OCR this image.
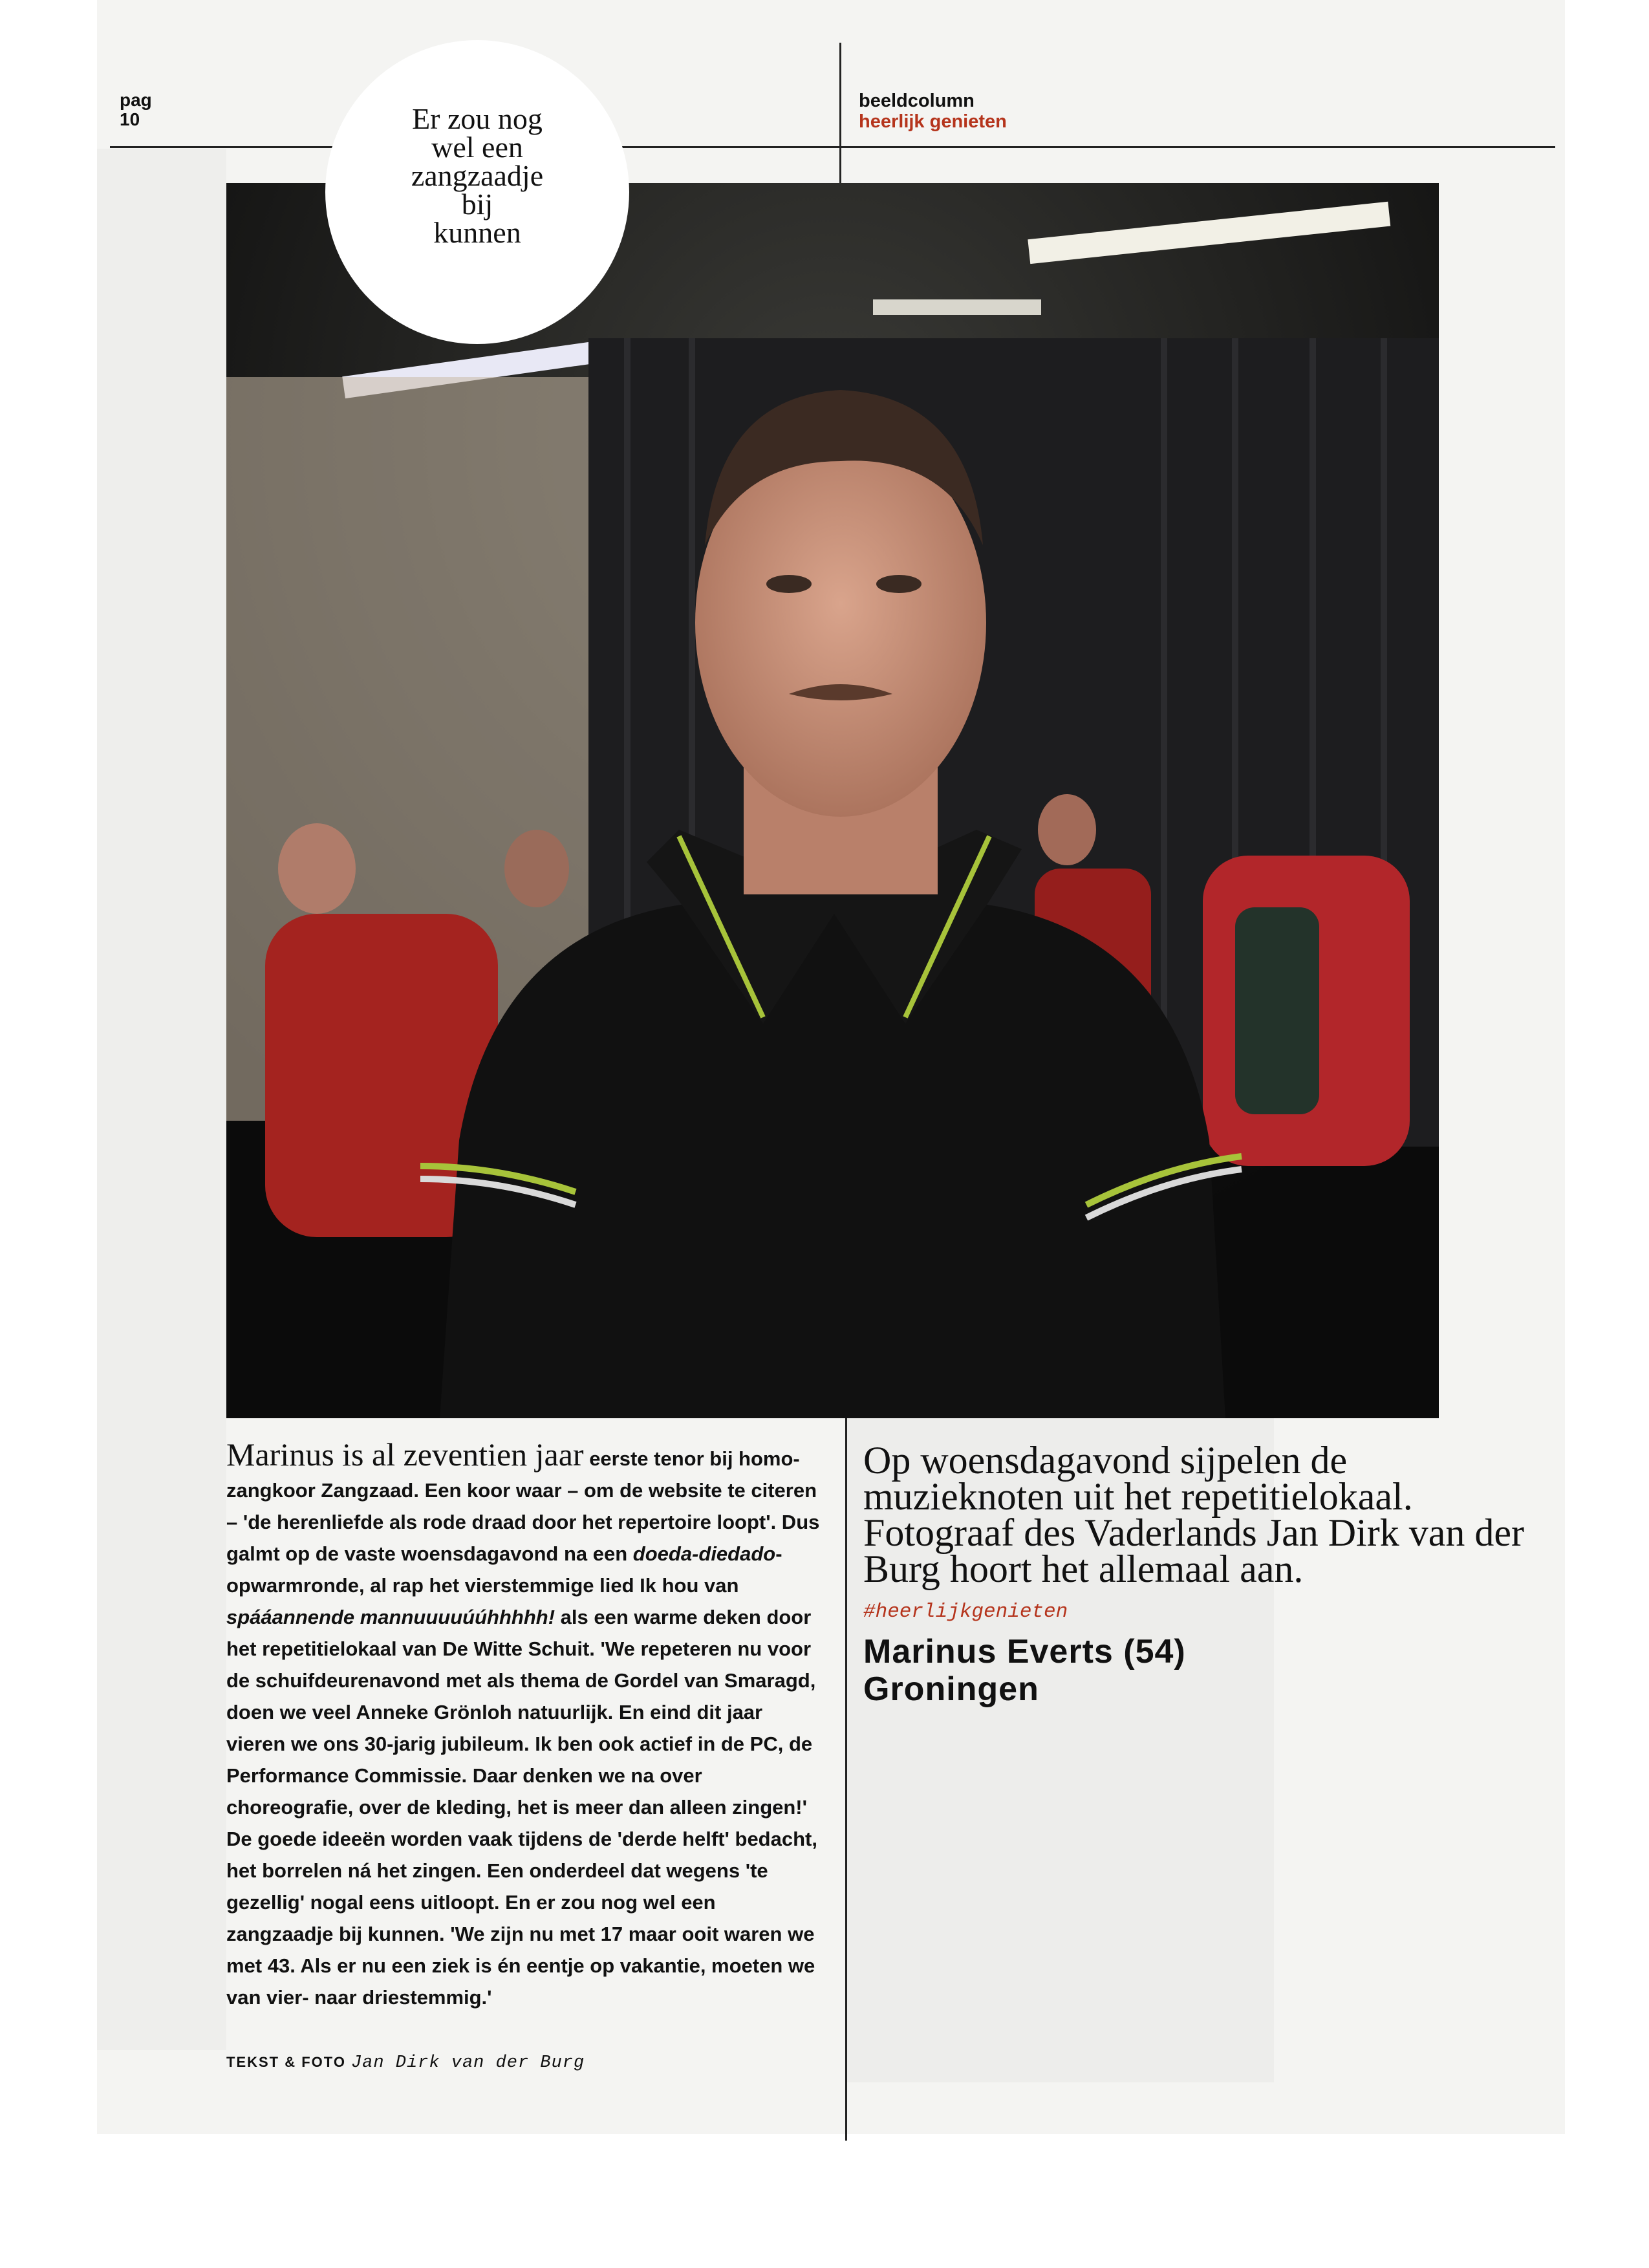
pag
10
beeldcolumn
heerlijk genieten
Er zou nog
wel een
zangzaadje
bij
kunnen
Marinus is al zeventien jaar eerste tenor bij homo-zangkoor Zangzaad. Een koor waar – om de website te citeren – 'de herenliefde als rode draad door het repertoire loopt'. Dus galmt op de vaste woensdagavond na een doeda-diedado-opwarmronde, al rap het vierstemmige lied Ik hou van spááannende mannuuuuúúhhhhh! als een warme deken door het repetitielokaal van De Witte Schuit. 'We repeteren nu voor de schuifdeurenavond met als thema de Gordel van Smaragd, doen we veel Anneke Grönloh natuurlijk. En eind dit jaar vieren we ons 30-jarig jubileum. Ik ben ook actief in de PC, de Performance Commissie. Daar denken we na over choreografie, over de kleding, het is meer dan alleen zingen!' De goede ideeën worden vaak tijdens de 'derde helft' bedacht, het borrelen ná het zingen. Een onderdeel dat wegens 'te gezellig' nogal eens uitloopt. En er zou nog wel een zangzaadje bij kunnen. 'We zijn nu met 17 maar ooit waren we met 43. Als er nu een ziek is én eentje op vakantie, moeten we van vier- naar driestemmig.'
TEKST & FOTO Jan Dirk van der Burg
Op woensdagavond sijpelen de muzieknoten uit het repetitielokaal. Fotograaf des Vaderlands Jan Dirk van der Burg hoort het allemaal aan.
#heerlijkgenieten
Marinus Everts (54)
Groningen
